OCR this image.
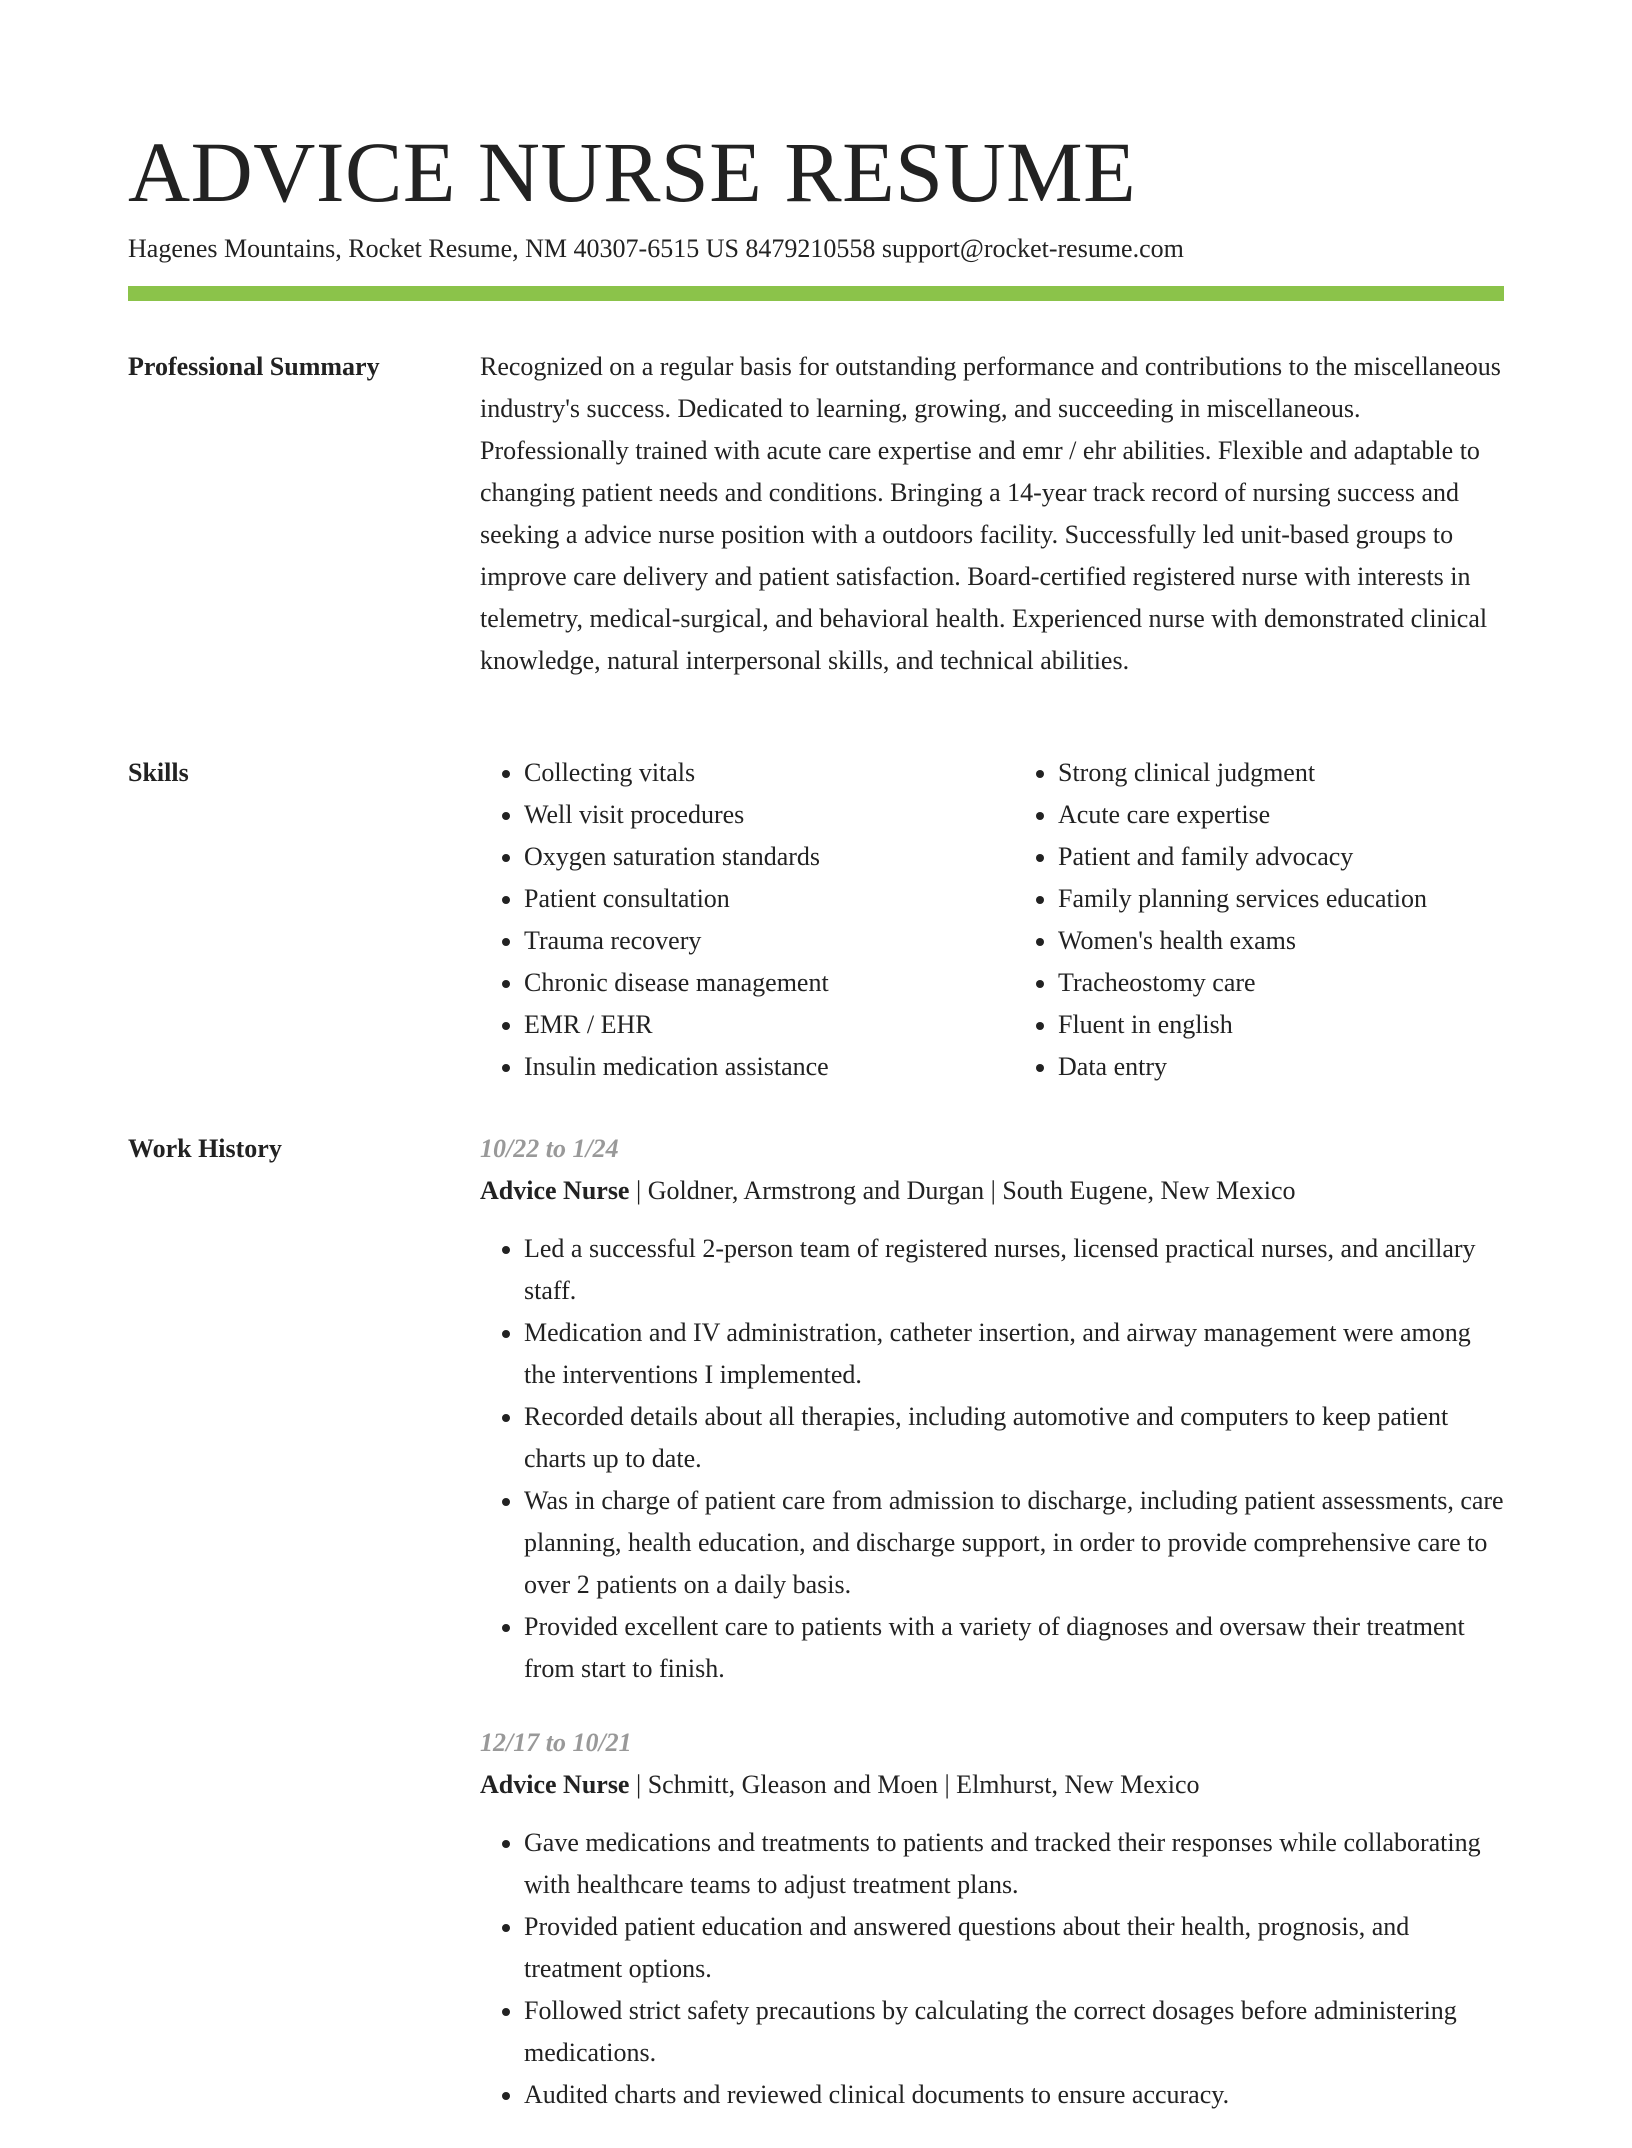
ADVICE NURSE RESUME
Hagenes Mountains, Rocket Resume, NM 40307-6515 US 8479210558 support@rocket-resume.com
Professional Summary	Recognized on a regular basis for outstanding performance and contributions to the miscellaneous industry's success. Dedicated to learning, growing, and succeeding in miscellaneous. Professionally trained with acute care expertise and emr / ehr abilities. Flexible and adaptable to changing patient needs and conditions. Bringing a 14-year track record of nursing success and seeking a advice nurse position with a outdoors facility. Successfully led unit-based groups to improve care delivery and patient satisfaction. Board-certified registered nurse with interests in telemetry, medical-surgical, and behavioral health. Experienced nurse with demonstrated clinical knowledge, natural interpersonal skills, and technical abilities.

Skills
•	Collecting vitals
• Well visit procedures
• Oxygen saturation standards
• Patient consultation
• Trauma recovery
• Chronic disease management
• EMR / EHR
• Insulin medication assistance
• Strong clinical judgment
• Acute care expertise
• Patient and family advocacy
• Family planning services education
• Women's health exams
• Tracheostomy care
• Fluent in english
• Data entry
Work History	10/22 to 1/24
Advice Nurse | Goldner, Armstrong and Durgan | South Eugene, New Mexico
• Led a successful 2-person team of registered nurses, licensed practical nurses, and ancillary staff.
• Medication and IV administration, catheter insertion, and airway management were among the interventions I implemented.
• Recorded details about all therapies, including automotive and computers to keep patient charts up to date.
• Was in charge of patient care from admission to discharge, including patient assessments, care planning, health education, and discharge support, in order to provide comprehensive care to over 2 patients on a daily basis.
• Provided excellent care to patients with a variety of diagnoses and oversaw their treatment from start to finish.
12/17 to 10/21
Advice Nurse | Schmitt, Gleason and Moen | Elmhurst, New Mexico
• Gave medications and treatments to patients and tracked their responses while collaborating with healthcare teams to adjust treatment plans.
• Provided patient education and answered questions about their health, prognosis, and treatment options.
• Followed strict safety precautions by calculating the correct dosages before administering medications.
• Audited charts and reviewed clinical documents to ensure accuracy.
